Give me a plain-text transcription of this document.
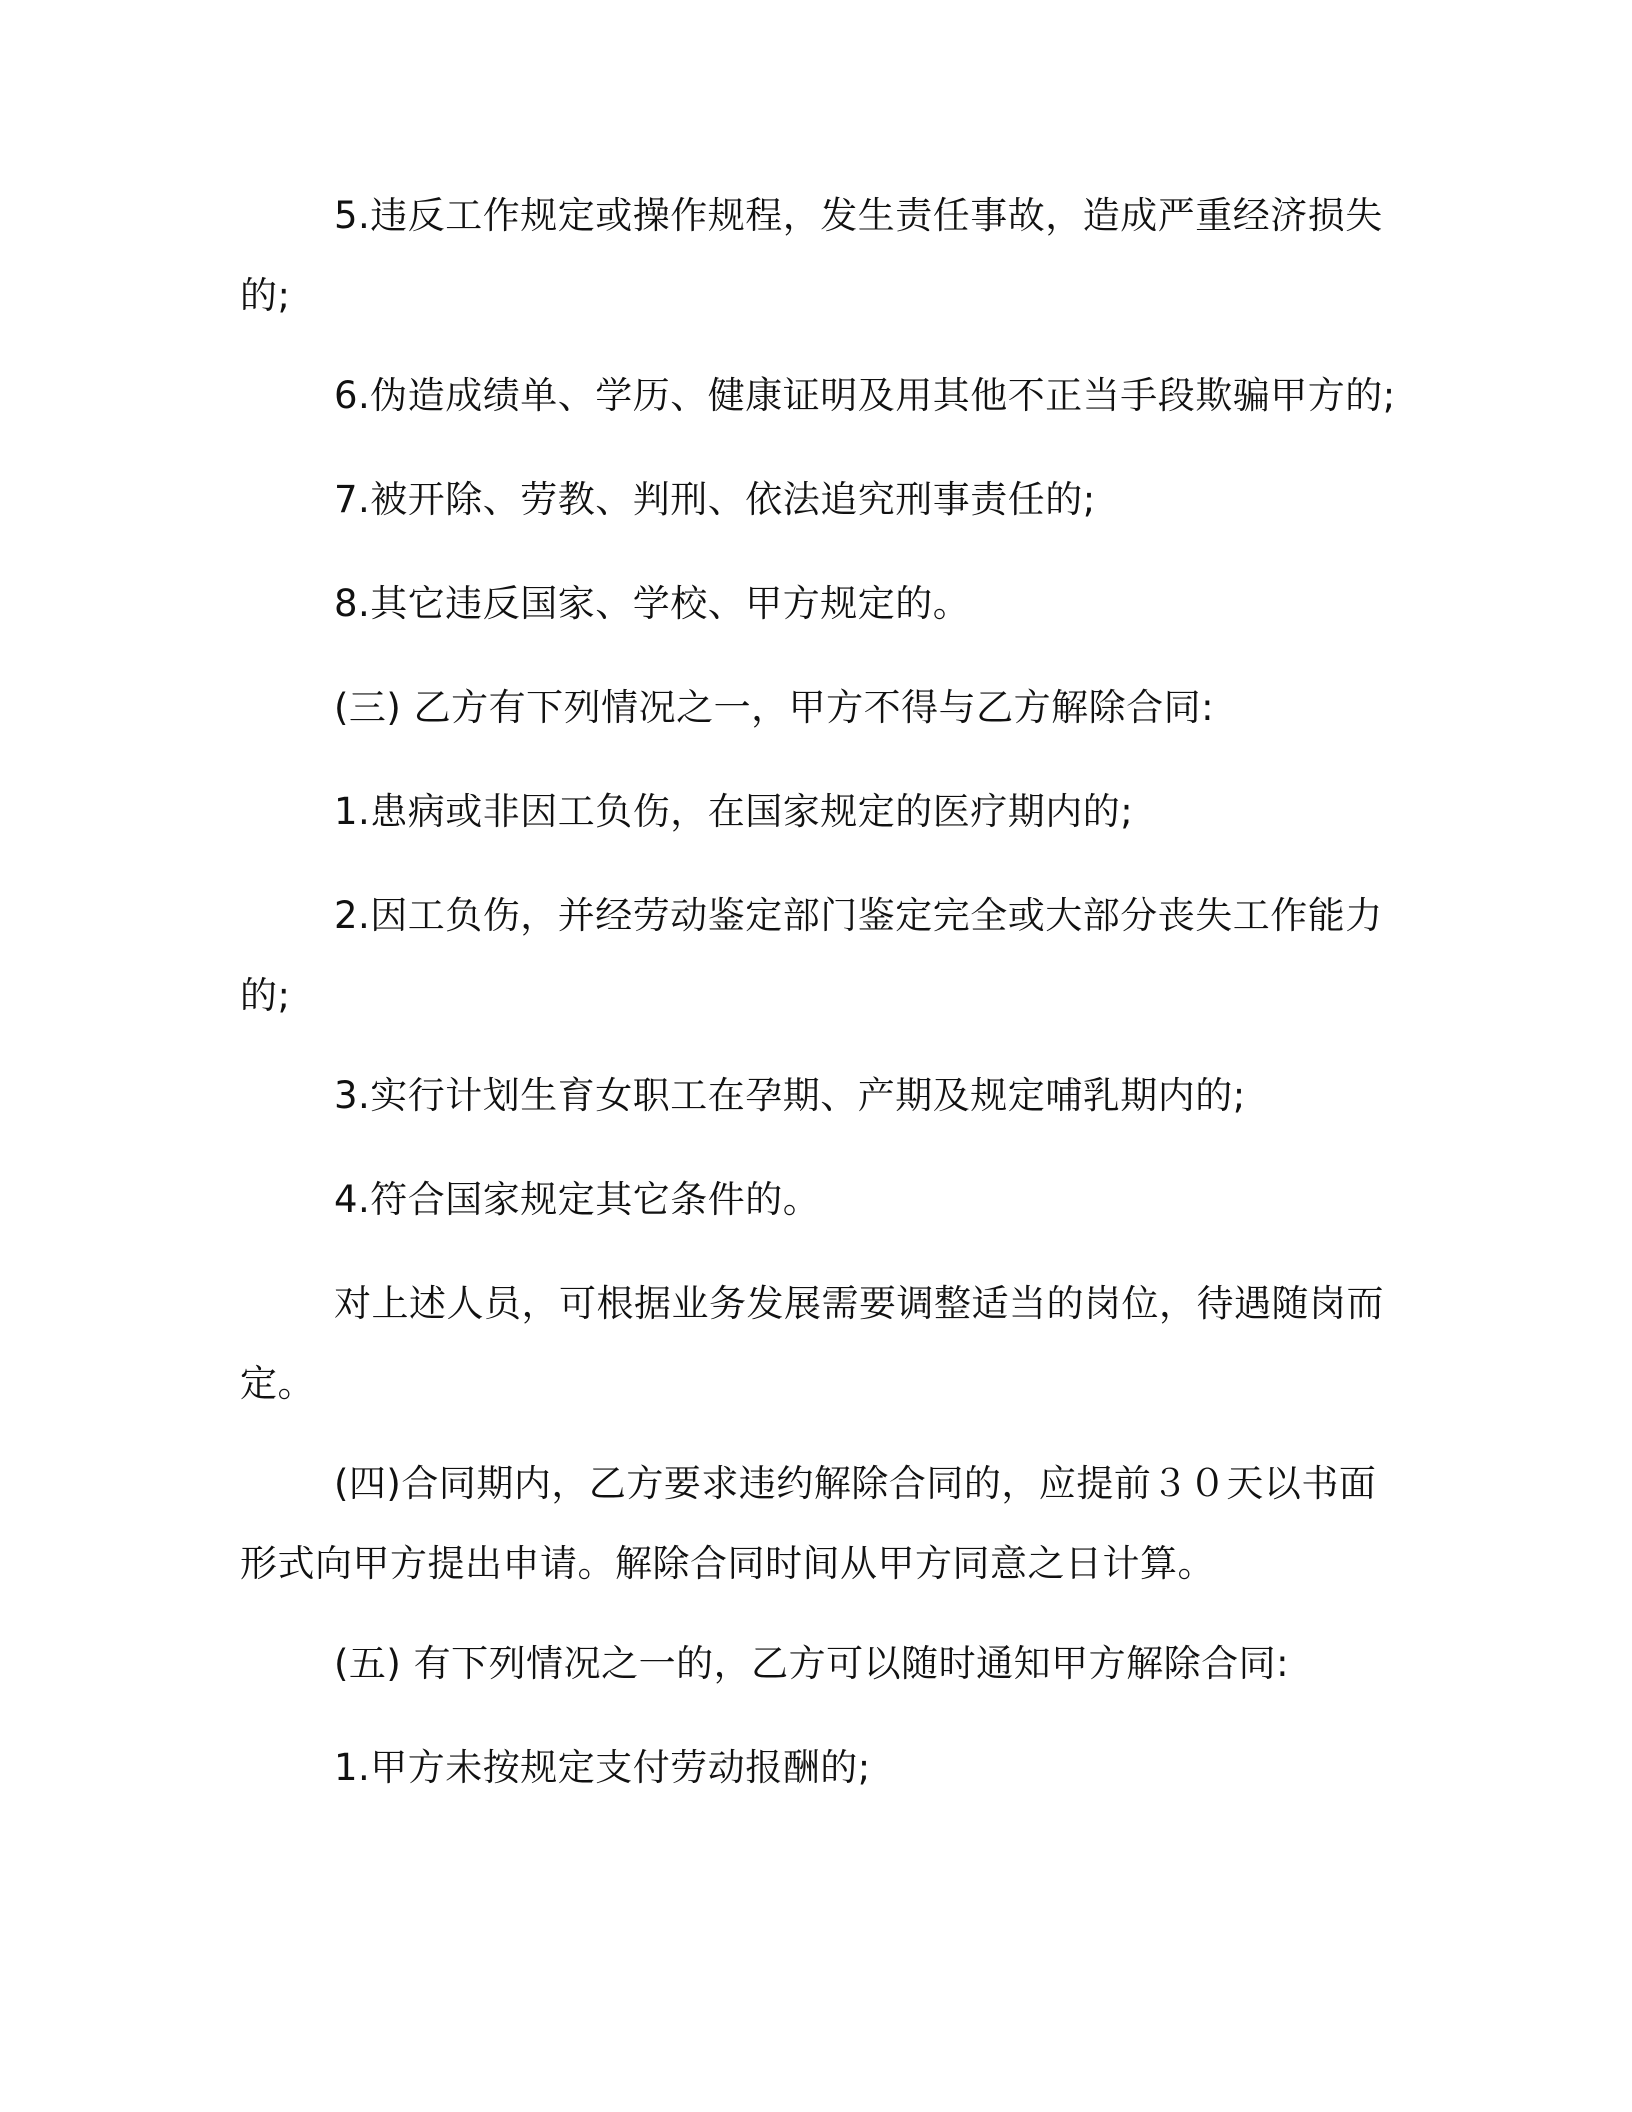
5.违反工作规定或操作规程，发生责任事故，造成严重经济损失的;

6.伪造成绩单、学历、健康证明及用其他不正当手段欺骗甲方的;

7.被开除、劳教、判刑、依法追究刑事责任的;

8.其它违反国家、学校、甲方规定的。

(三) 乙方有下列情况之一，甲方不得与乙方解除合同:

1.患病或非因工负伤，在国家规定的医疗期内的;

2.因工负伤，并经劳动鉴定部门鉴定完全或大部分丧失工作能力的;

3.实行计划生育女职工在孕期、产期及规定哺乳期内的;

4.符合国家规定其它条件的。

对上述人员，可根据业务发展需要调整适当的岗位，待遇随岗而定。

(四)合同期内，乙方要求违约解除合同的，应提前３０天以书面形式向甲方提出申请。解除合同时间从甲方同意之日计算。

(五) 有下列情况之一的，乙方可以随时通知甲方解除合同:

1.甲方未按规定支付劳动报酬的;
